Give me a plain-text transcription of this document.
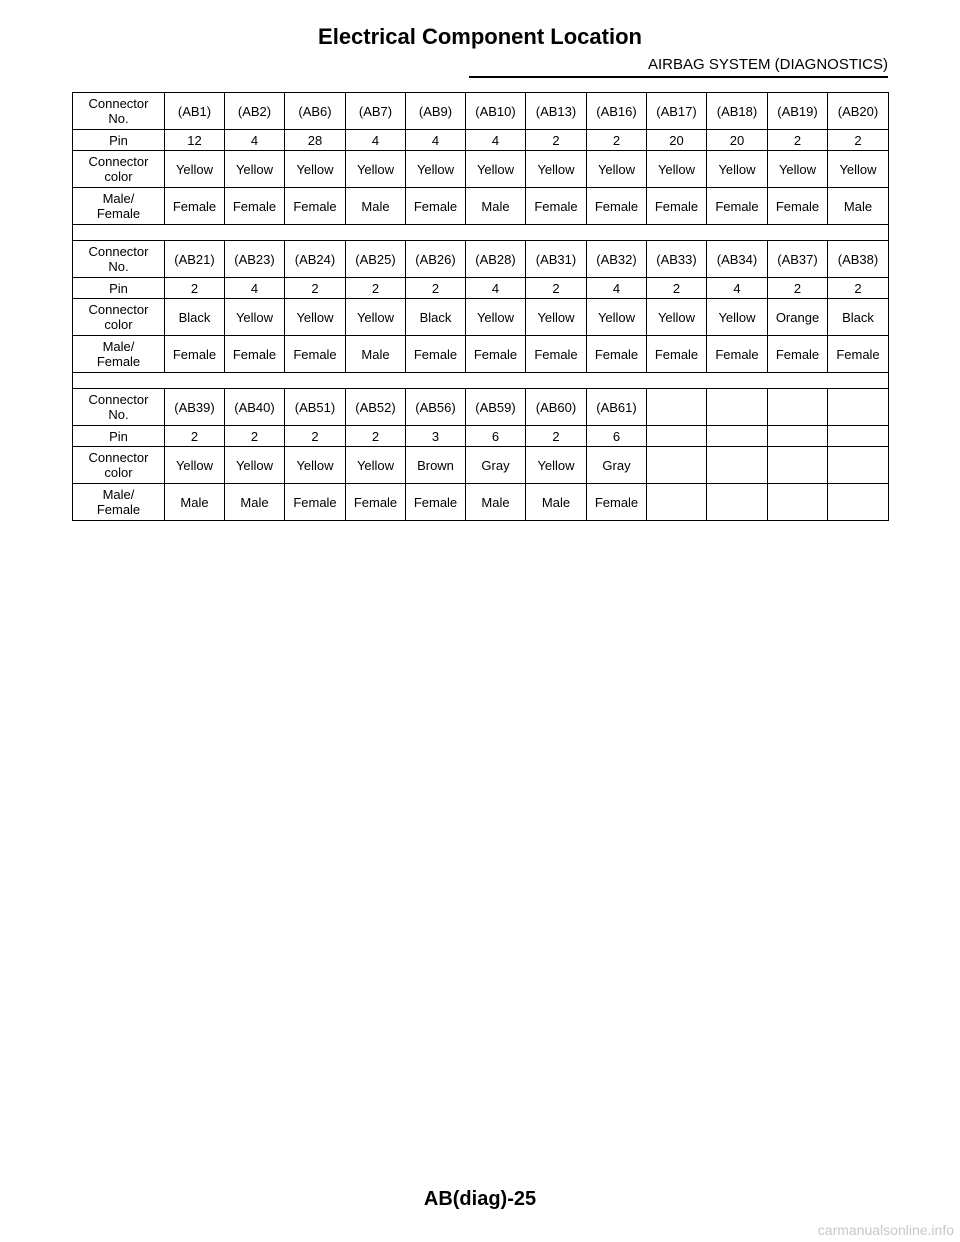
Electrical Component Location
AIRBAG SYSTEM (DIAGNOSTICS)
Connector
No.	(AB1)	(AB2)	(AB6)	(AB7)	(AB9)	(AB10)	(AB13)	(AB16)	(AB17)	(AB18)	(AB19)	(AB20)
Pin	12	4	28	4	4	4	2	2	20	20	2	2
Connector
color	Yellow	Yellow	Yellow	Yellow	Yellow	Yellow	Yellow	Yellow	Yellow	Yellow	Yellow	Yellow
Male/
Female	Female	Female	Female	Male	Female	Male	Female	Female	Female	Female	Female	Male

Connector
No.	(AB21)	(AB23)	(AB24)	(AB25)	(AB26)	(AB28)	(AB31)	(AB32)	(AB33)	(AB34)	(AB37)	(AB38)
Pin	2	4	2	2	2	4	2	4	2	4	2	2
Connector
color	Black	Yellow	Yellow	Yellow	Black	Yellow	Yellow	Yellow	Yellow	Yellow	Orange	Black
Male/
Female	Female	Female	Female	Male	Female	Female	Female	Female	Female	Female	Female	Female

Connector
No.	(AB39)	(AB40)	(AB51)	(AB52)	(AB56)	(AB59)	(AB60)	(AB61)				
Pin	2	2	2	2	3	6	2	6				
Connector
color	Yellow	Yellow	Yellow	Yellow	Brown	Gray	Yellow	Gray				
Male/
Female	Male	Male	Female	Female	Female	Male	Male	Female				
AB(diag)-25
carmanualsonline.info
